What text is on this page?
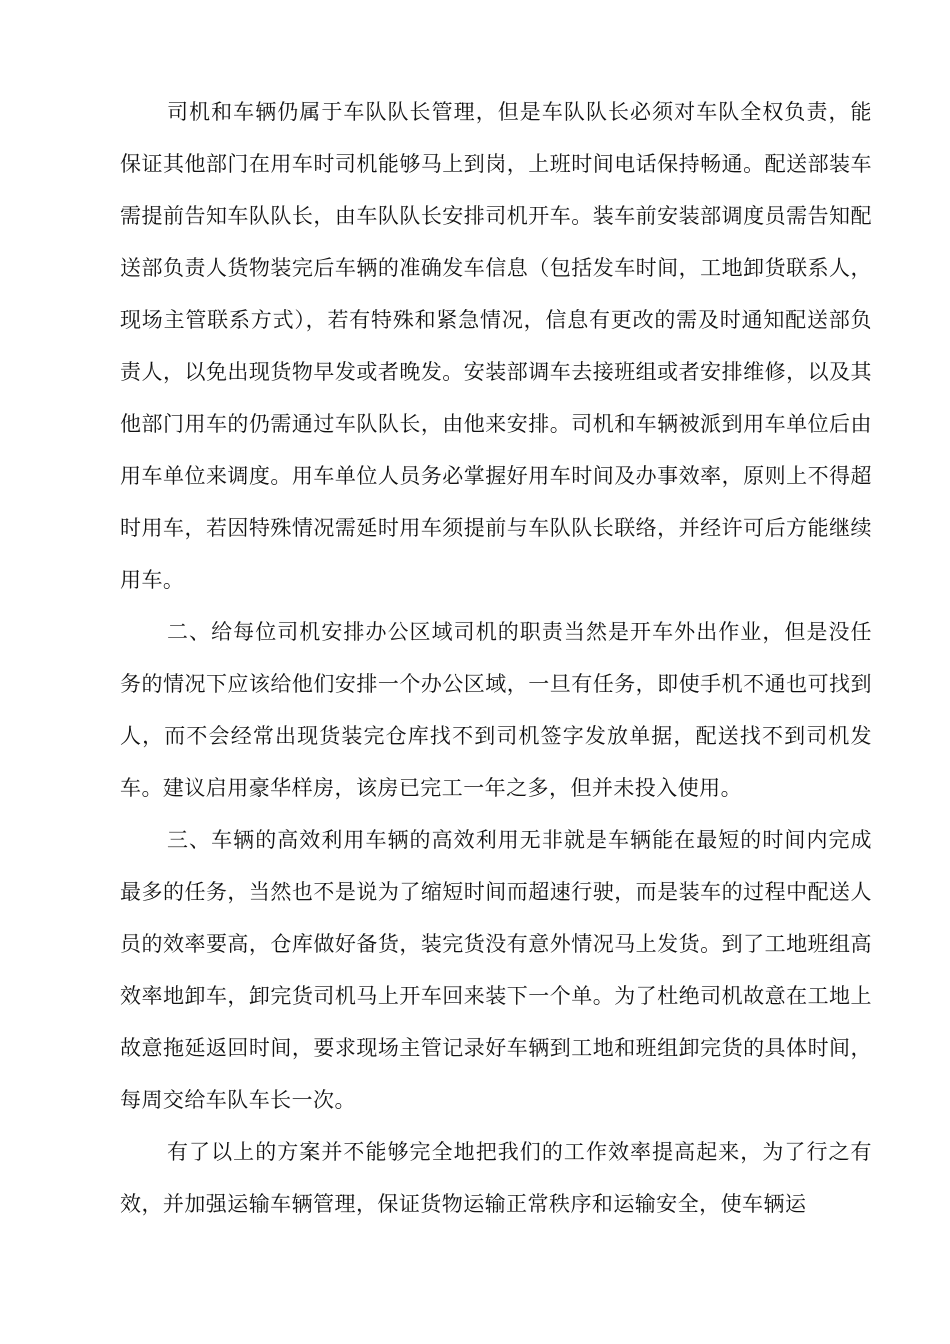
司机和车辆仍属于车队队长管理，但是车队队长必须对车队全权负责，能保证其他部门在用车时司机能够马上到岗，上班时间电话保持畅通。配送部装车需提前告知车队队长，由车队队长安排司机开车。装车前安装部调度员需告知配送部负责人货物装完后车辆的准确发车信息（包括发车时间，工地卸货联系人，现场主管联系方式），若有特殊和紧急情况，信息有更改的需及时通知配送部负责人，以免出现货物早发或者晚发。安装部调车去接班组或者安排维修，以及其他部门用车的仍需通过车队队长，由他来安排。司机和车辆被派到用车单位后由用车单位来调度。用车单位人员务必掌握好用车时间及办事效率，原则上不得超时用车，若因特殊情况需延时用车须提前与车队队长联络，并经许可后方能继续用车。

二、给每位司机安排办公区域司机的职责当然是开车外出作业，但是没任务的情况下应该给他们安排一个办公区域，一旦有任务，即使手机不通也可找到人，而不会经常出现货装完仓库找不到司机签字发放单据，配送找不到司机发车。建议启用豪华样房，该房已完工一年之多，但并未投入使用。

三、车辆的高效利用车辆的高效利用无非就是车辆能在最短的时间内完成最多的任务，当然也不是说为了缩短时间而超速行驶，而是装车的过程中配送人员的效率要高，仓库做好备货，装完货没有意外情况马上发货。到了工地班组高效率地卸车，卸完货司机马上开车回来装下一个单。为了杜绝司机故意在工地上故意拖延返回时间，要求现场主管记录好车辆到工地和班组卸完货的具体时间，每周交给车队车长一次。

有了以上的方案并不能够完全地把我们的工作效率提高起来，为了行之有效，并加强运输车辆管理，保证货物运输正常秩序和运输安全，使车辆运
